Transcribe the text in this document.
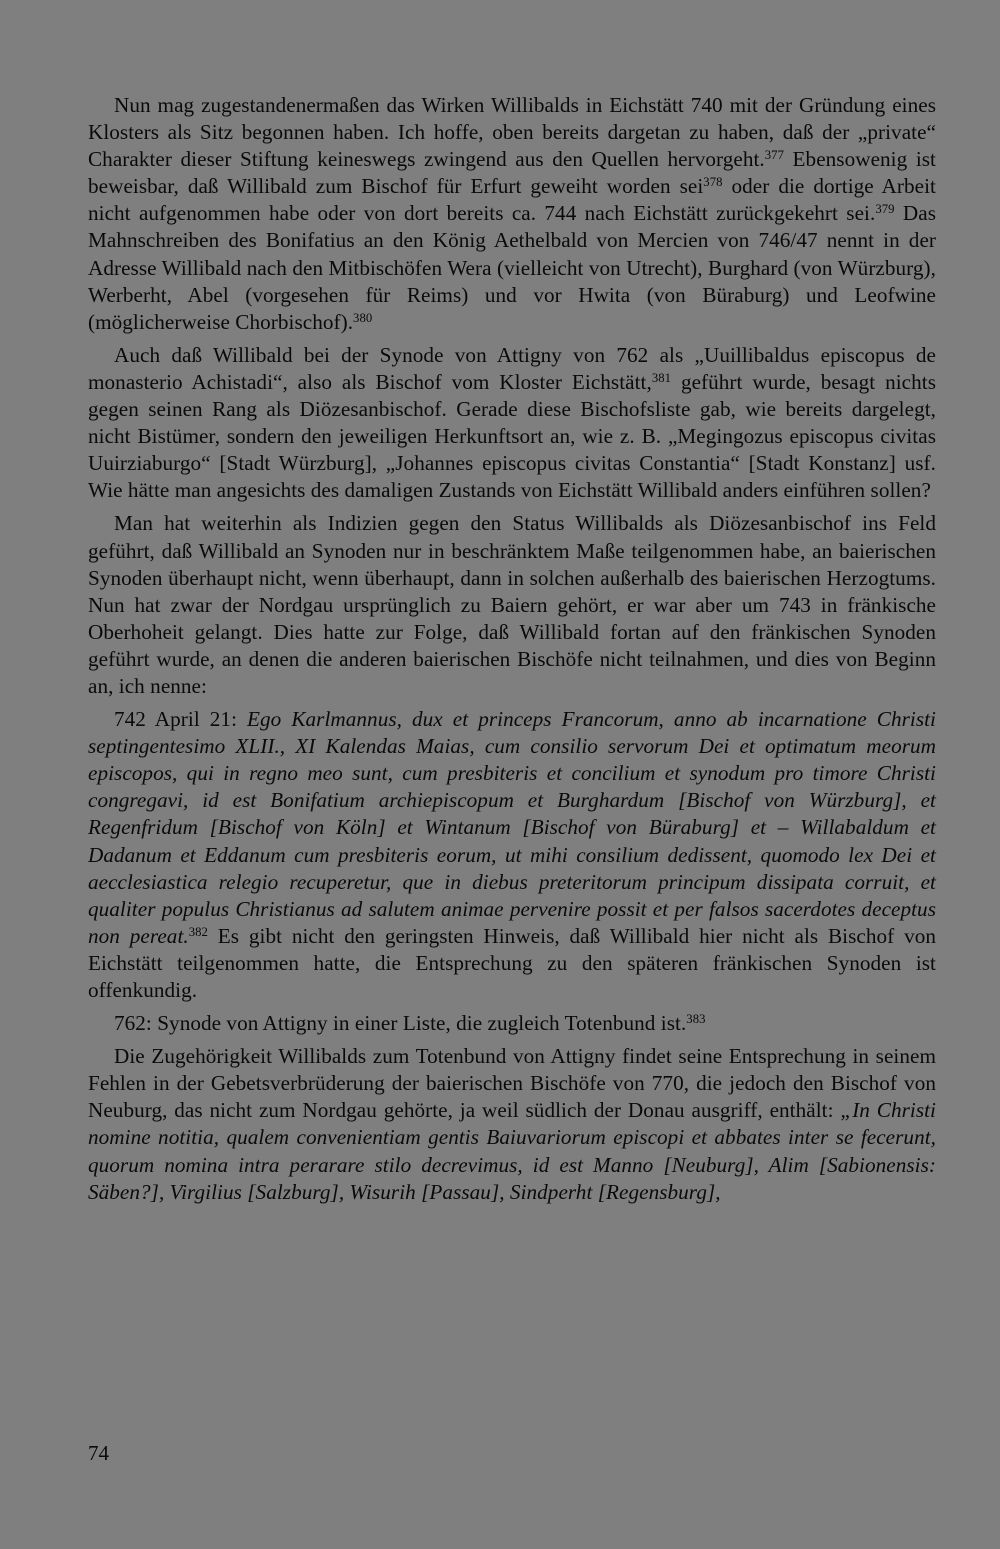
Nun mag zugestandenermaßen das Wirken Willibalds in Eichstätt 740 mit der Gründung eines Klosters als Sitz begonnen haben. Ich hoffe, oben bereits dargetan zu haben, daß der „private“ Charakter dieser Stiftung keineswegs zwingend aus den Quellen hervorgeht.$^{377}$ Ebensowenig ist beweisbar, daß Willibald zum Bischof für Erfurt geweiht worden sei$^{378}$ oder die dortige Arbeit nicht aufgenommen habe oder von dort bereits ca. 744 nach Eichstätt zurückgekehrt sei.$^{379}$ Das Mahnschreiben des Bonifatius an den König Aethelbald von Mercien von 746/47 nennt in der Adresse Willibald nach den Mitbischöfen Wera (vielleicht von Utrecht), Burghard (von Würzburg), Werberht, Abel (vorgesehen für Reims) und vor Hwita (von Büraburg) und Leofwine (möglicherweise Chorbischof).$^{380}$

Auch daß Willibald bei der Synode von Attigny von 762 als „Uuillibaldus episcopus de monasterio Achistadi“, also als Bischof vom Kloster Eichstätt,$^{381}$ geführt wurde, besagt nichts gegen seinen Rang als Diözesanbischof. Gerade diese Bischofsliste gab, wie bereits dargelegt, nicht Bistümer, sondern den jeweiligen Herkunftsort an, wie z. B. „Megingozus episcopus civitas Uuirziaburgo“ [Stadt Würzburg], „Johannes episcopus civitas Constantia“ [Stadt Konstanz] usf. Wie hätte man angesichts des damaligen Zustands von Eichstätt Willibald anders einführen sollen?

Man hat weiterhin als Indizien gegen den Status Willibalds als Diözesanbischof ins Feld geführt, daß Willibald an Synoden nur in beschränktem Maße teilgenommen habe, an baierischen Synoden überhaupt nicht, wenn überhaupt, dann in solchen außerhalb des baierischen Herzogtums. Nun hat zwar der Nordgau ursprünglich zu Baiern gehört, er war aber um 743 in fränkische Oberhoheit gelangt. Dies hatte zur Folge, daß Willibald fortan auf den fränkischen Synoden geführt wurde, an denen die anderen baierischen Bischöfe nicht teilnahmen, und dies von Beginn an, ich nenne:

742 April 21: Ego Karlmannus, dux et princeps Francorum, anno ab incarnatione Christi septingentesimo XLII., XI Kalendas Maias, cum consilio servorum Dei et optimatum meorum episcopos, qui in regno meo sunt, cum presbiteris et concilium et synodum pro timore Christi congregavi, id est Bonifatium archiepiscopum et Burghardum [Bischof von Würzburg], et Regenfridum [Bischof von Köln] et Wintanum [Bischof von Büraburg] et – Willabaldum et Dadanum et Eddanum cum presbiteris eorum, ut mihi consilium dedissent, quomodo lex Dei et aecclesiastica relegio recuperetur, que in diebus preteritorum principum dissipata corruit, et qualiter populus Christianus ad salutem animae pervenire possit et per falsos sacerdotes deceptus non pereat.$^{382}$ Es gibt nicht den geringsten Hinweis, daß Willibald hier nicht als Bischof von Eichstätt teilgenommen hatte, die Entsprechung zu den späteren fränkischen Synoden ist offenkundig.

762: Synode von Attigny in einer Liste, die zugleich Totenbund ist.$^{383}$

Die Zugehörigkeit Willibalds zum Totenbund von Attigny findet seine Entsprechung in seinem Fehlen in der Gebetsverbrüderung der baierischen Bischöfe von 770, die jedoch den Bischof von Neuburg, das nicht zum Nordgau gehörte, ja weil südlich der Donau ausgriff, enthält: „In Christi nomine notitia, qualem convenientiam gentis Baiuvariorum episcopi et abbates inter se fecerunt, quorum nomina intra perarare stilo decrevimus, id est Manno [Neuburg], Alim [Sabionensis: Säben?], Virgilius [Salzburg], Wisurih [Passau], Sindperht [Regensburg],

74
